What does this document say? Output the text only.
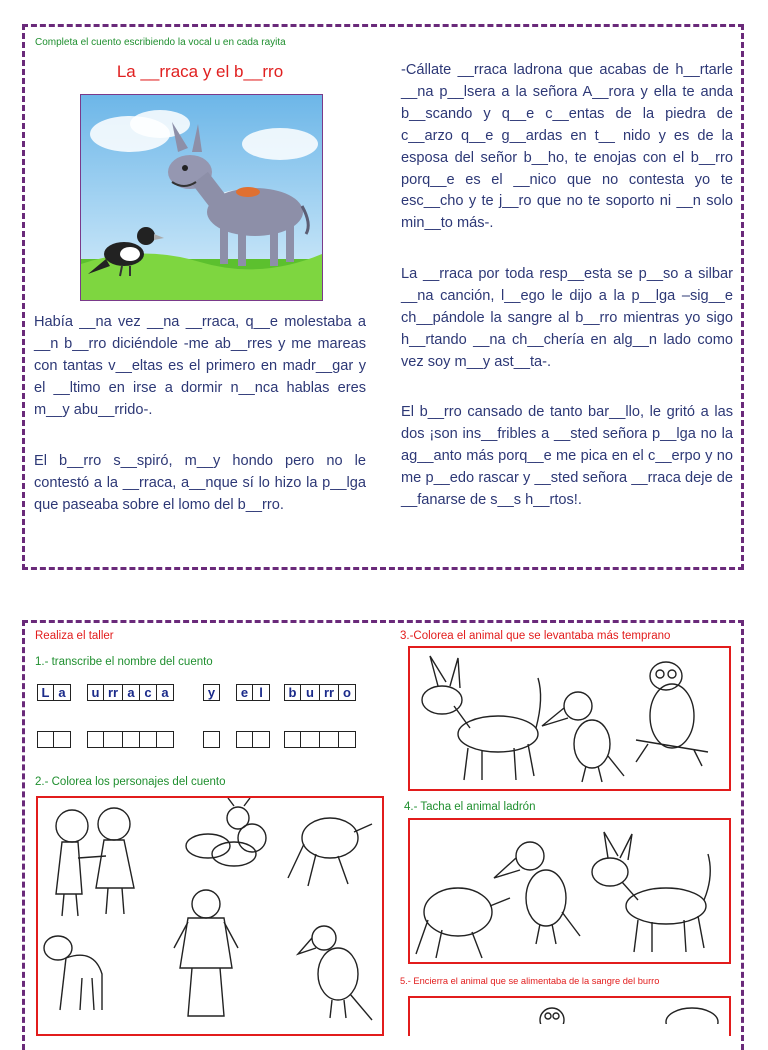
Completa el cuento escribiendo la vocal u en cada rayita
La __rraca y el b__rro
Había __na vez __na __rraca, q__e molestaba a __n b__rro diciéndole -me ab__rres y me mareas con tantas v__eltas es el primero en madr__gar y el __ltimo en irse a dormir n__nca hablas eres m__y abu__rrido-.
El b__rro s__spiró, m__y hondo pero no le contestó a la __rraca, a__nque sí lo hizo la p__lga que paseaba sobre el lomo del b__rro.
-Cállate __rraca ladrona que acabas de h__rtarle __na p__lsera a la señora A__rora y ella te anda b__scando y q__e c__entas de la piedra de c__arzo q__e g__ardas en t__ nido y es de la esposa del señor b__ho, te enojas con el b__rro porq__e es el __nico que no contesta yo te esc__cho y te j__ro que no te soporto ni __n solo min__to más-.
La __rraca por toda resp__esta se p__so a silbar __na canción, l__ego le dijo a la p__lga –sig__e ch__pándole la sangre al b__rro mientras yo sigo h__rtando __na ch__chería en alg__n lado como vez soy m__y ast__ta-.
El b__rro cansado de tanto bar__llo, le gritó a las dos ¡son ins__fribles a __sted señora p__lga no la ag__anto más porq__e me pica en el c__erpo y no me p__edo rascar y __sted señora __rraca deje de __fanarse de s__s h__rtos!.
Realiza el taller
1.- transcribe el nombre del cuento
L a	u rr a c a	y	e l	b u rr o
2.- Colorea los personajes del cuento
3.-Colorea el animal que se levantaba más temprano
4.- Tacha el animal ladrón
5.- Encierra el animal que se alimentaba de la sangre del burro
